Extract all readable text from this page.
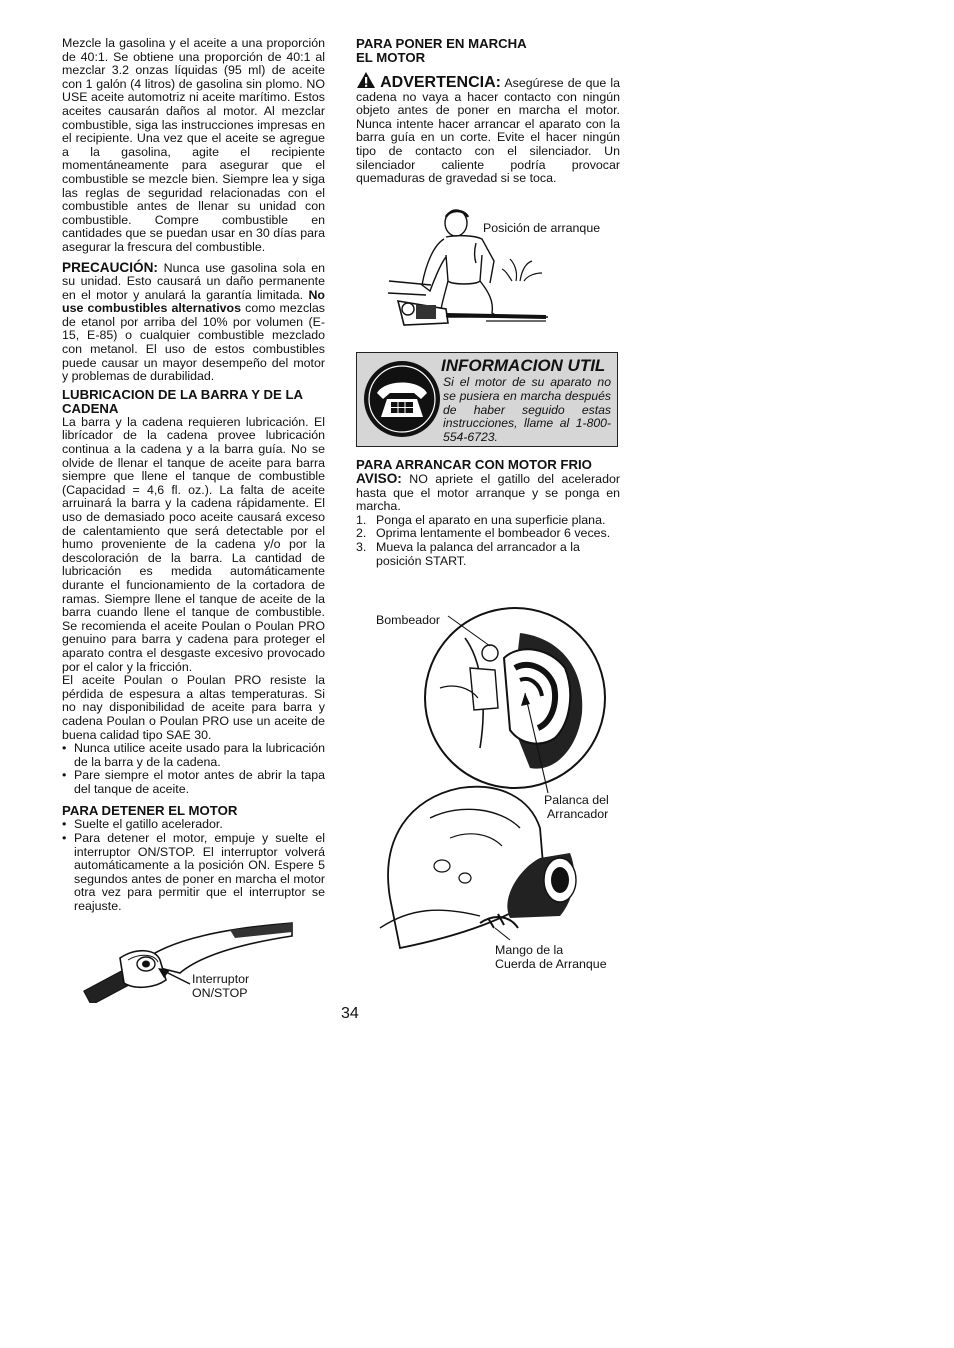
Mezcle la gasolina y el aceite a una proporción de 40:1. Se obtiene una proporción de 40:1 al mezclar 3.2 onzas líquidas (95 ml) de aceite con 1 galón (4 litros) de gasolina sin plomo. NO USE aceite automotriz ni aceite marítimo. Estos aceites causarán daños al motor. Al mezclar combustible, siga las instrucciones impresas en el recipiente. Una vez que el aceite se agregue a la gasolina, agite el recipiente momentáneamente para asegurar que el combustible se mezcle bien. Siempre lea y siga las reglas de seguridad relacionadas con el combustible antes de llenar su unidad con combustible. Compre combustible en cantidades que se puedan usar en 30 días para asegurar la frescura del combustible.

PRECAUCIÓN: Nunca use gasolina sola en su unidad. Esto causará un daño permanente en el motor y anulará la garantía limitada. No use combustibles alternativos como mezclas de etanol por arriba del 10% por volumen (E-15, E-85) o cualquier combustible mezclado con metanol. El uso de estos combustibles puede causar un mayor desempeño del motor y problemas de durabilidad.

LUBRICACION DE LA BARRA Y DE LA CADENA

La barra y la cadena requieren lubricación. El librícador de la cadena provee lubricación continua a la cadena y a la barra guía. No se olvide de llenar el tanque de aceite para barra siempre que llene el tanque de combustible (Capacidad = 4,6 fl. oz.). La falta de aceite arruinará la barra y la cadena rápidamente. El uso de demasiado poco aceite causará exceso de calentamiento que será detectable por el humo proveniente de la cadena y/o por la descoloración de la barra. La cantidad de lubricación es medida automáticamente durante el funcionamiento de la cortadora de ramas. Siempre llene el tanque de aceite de la barra cuando llene el tanque de combustible. Se recomienda el aceite Poulan o Poulan PRO genuino para barra y cadena para proteger el aparato contra el desgaste excesivo provocado por el calor y la fricción.

El aceite Poulan o Poulan PRO resiste la pérdida de espesura a altas temperaturas. Si no nay disponibilidad de aceite para barra y cadena Poulan o Poulan PRO use un aceite de buena calidad tipo SAE 30.

• Nunca utilice aceite usado para la lubricación de la barra y de la cadena.
• Pare siempre el motor antes de abrir la tapa del tanque de aceite.
PARA DETENER EL MOTOR
• Suelte el gatillo acelerador.
• Para detener el motor, empuje y suelte el interruptor ON/STOP. El interruptor volverá automáticamente a la posición ON. Espere 5 segundos antes de poner en marcha el motor otra vez para permitir que el interruptor se reajuste.
Interruptor
ON/STOP
PARA PONER EN MARCHA
EL MOTOR

ADVERTENCIA: Asegúrese de que la cadena no vaya a hacer contacto con ningún objeto antes de poner en marcha el motor. Nunca intente hacer arrancar el aparato con la barra guía en un corte. Evite el hacer ningún tipo de contacto con el silenciador. Un silenciador caliente podría provocar quemaduras de gravedad si se toca.

Posición de arranque
INFORMACION UTIL
Si el motor de su aparato no se pusiera en marcha después de haber seguido estas instrucciones, llame al 1-800-554-6723.
PARA ARRANCAR CON MOTOR FRIO

AVISO: NO apriete el gatillo del acelerador hasta que el motor arranque y se ponga en marcha.

1. Ponga el aparato en una superficie plana.
2. Oprima lentamente el bombeador 6 veces.
3. Mueva la palanca del arrancador a la posición START.
Bombeador
Palanca del
Arrancador
Mango de la
Cuerda de Arranque
34
